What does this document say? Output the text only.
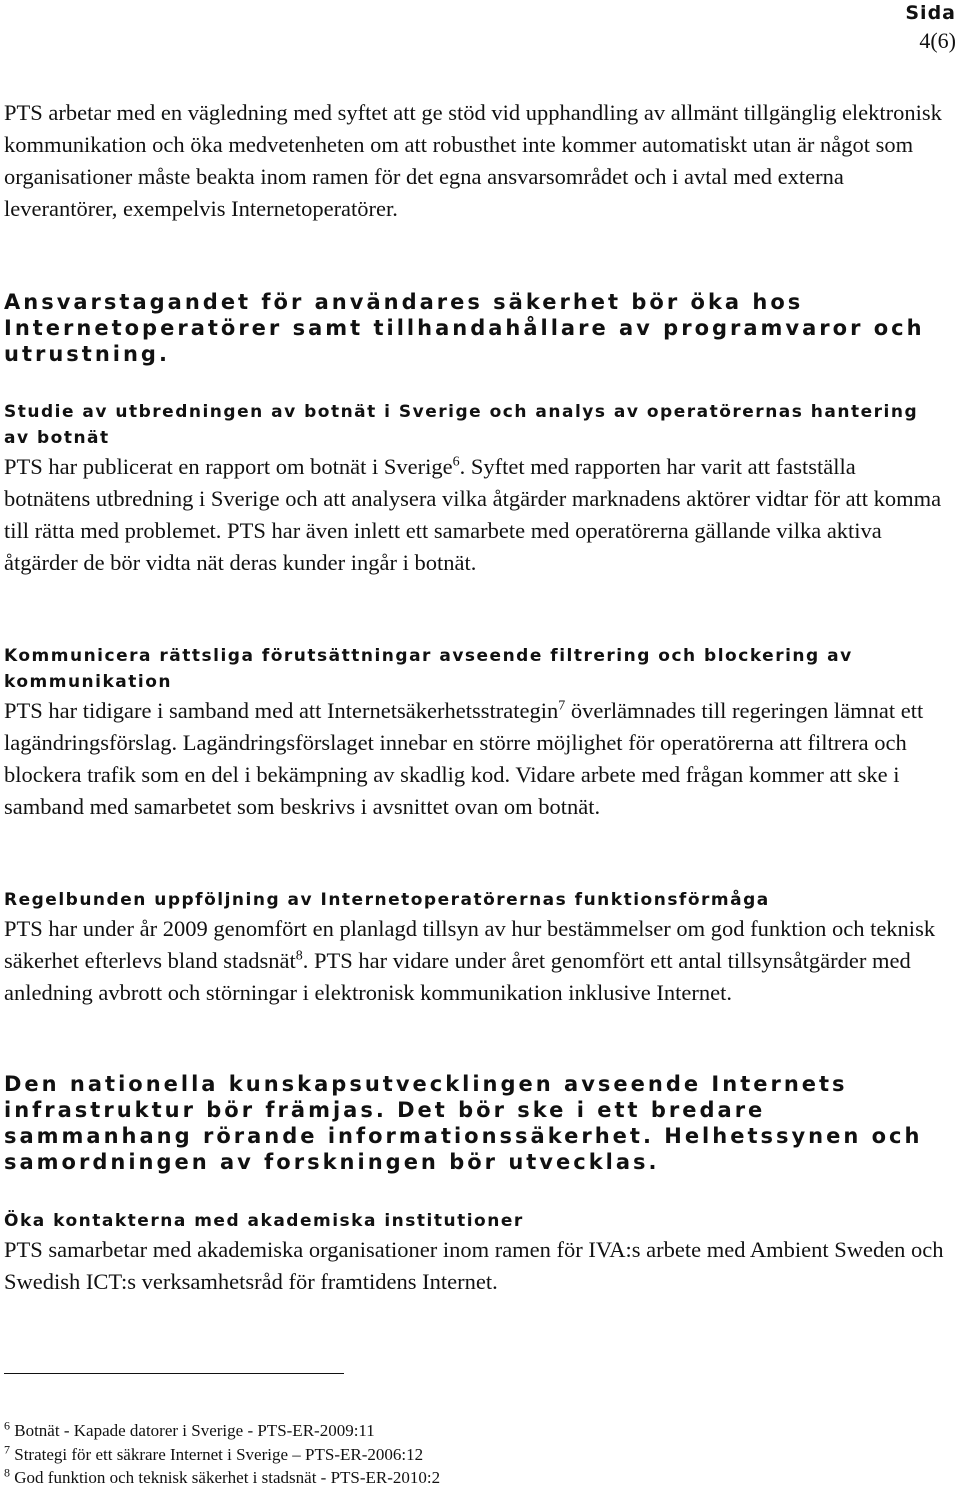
Sida
4(6)

PTS arbetar med en vägledning med syftet att ge stöd vid upphandling av allmänt tillgänglig elektronisk kommunikation och öka medvetenheten om att robusthet inte kommer automatiskt utan är något som organisationer måste beakta inom ramen för det egna ansvarsområdet och i avtal med externa leverantörer, exempelvis Internetoperatörer.

Ansvarstagandet för användares säkerhet bör öka hos Internetoperatörer samt tillhandahållare av programvaror och utrustning.

Studie av utbredningen av botnät i Sverige och analys av operatörernas hantering av botnät

PTS har publicerat en rapport om botnät i Sverige$^6$. Syftet med rapporten har varit att fastställa botnätens utbredning i Sverige och att analysera vilka åtgärder marknadens aktörer vidtar för att komma till rätta med problemet. PTS har även inlett ett samarbete med operatörerna gällande vilka aktiva åtgärder de bör vidta nät deras kunder ingår i botnät.

Kommunicera rättsliga förutsättningar avseende filtrering och blockering av kommunikation

PTS har tidigare i samband med att Internetsäkerhetsstrategin$^7$ överlämnades till regeringen lämnat ett lagändringsförslag. Lagändringsförslaget innebar en större möjlighet för operatörerna att filtrera och blockera trafik som en del i bekämpning av skadlig kod. Vidare arbete med frågan kommer att ske i samband med samarbetet som beskrivs i avsnittet ovan om botnät.

Regelbunden uppföljning av Internetoperatörernas funktionsförmåga

PTS har under år 2009 genomfört en planlagd tillsyn av hur bestämmelser om god funktion och teknisk säkerhet efterlevs bland stadsnät$^8$. PTS har vidare under året genomfört ett antal tillsynsåtgärder med anledning avbrott och störningar i elektronisk kommunikation inklusive Internet.

Den nationella kunskapsutvecklingen avseende Internets infrastruktur bör främjas. Det bör ske i ett bredare sammanhang rörande informationssäkerhet. Helhetssynen och samordningen av forskningen bör utvecklas.

Öka kontakterna med akademiska institutioner

PTS samarbetar med akademiska organisationer inom ramen för IVA:s arbete med Ambient Sweden och Swedish ICT:s verksamhetsråd för framtidens Internet.

$^6$ Botnät - Kapade datorer i Sverige - PTS-ER-2009:11

$^7$ Strategi för ett säkrare Internet i Sverige – PTS-ER-2006:12

$^8$ God funktion och teknisk säkerhet i stadsnät - PTS-ER-2010:2
